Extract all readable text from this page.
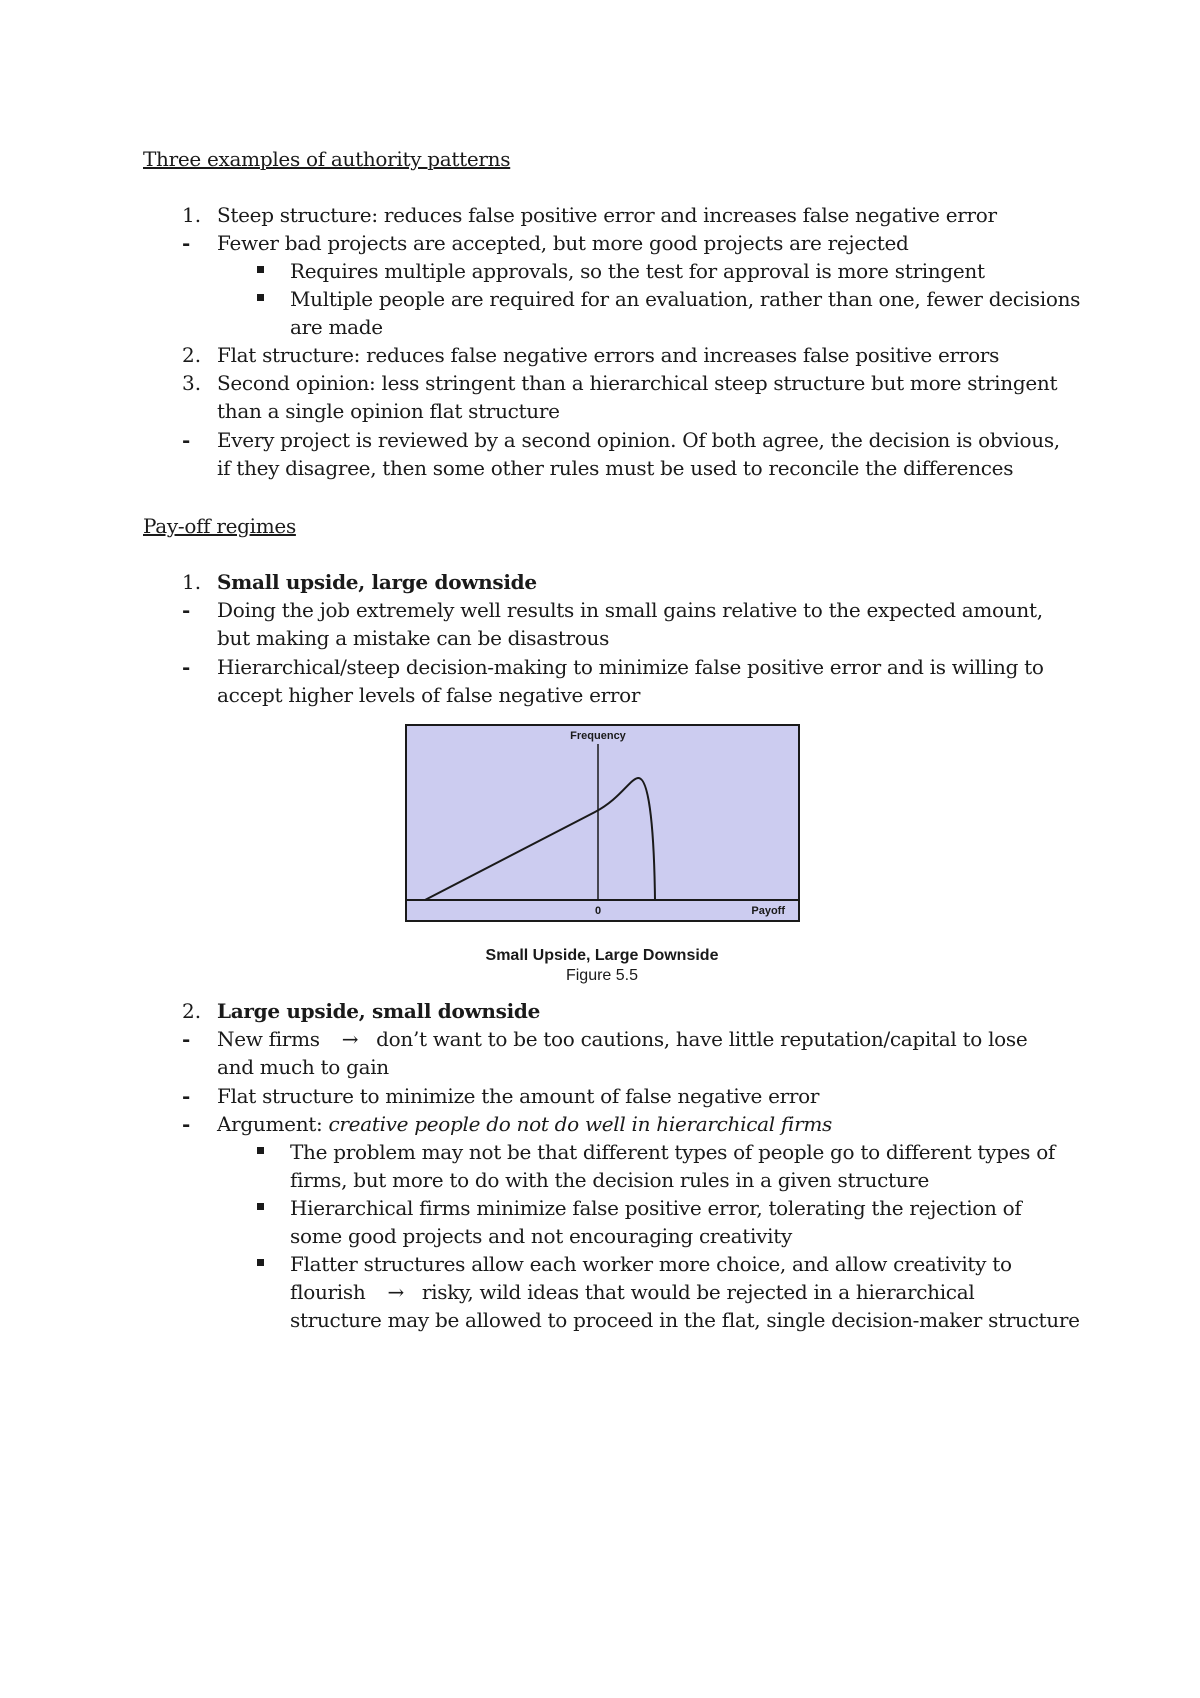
Three examples of authority patterns
1. Steep structure: reduces false positive error and increases false negative error
- Fewer bad projects are accepted, but more good projects are rejected
Requires multiple approvals, so the test for approval is more stringent
Multiple people are required for an evaluation, rather than one, fewer decisions
are made
2. Flat structure: reduces false negative errors and increases false positive errors
3. Second opinion: less stringent than a hierarchical steep structure but more stringent
than a single opinion flat structure
- Every project is reviewed by a second opinion. Of both agree, the decision is obvious,
if they disagree, then some other rules must be used to reconcile the differences
Pay-off regimes
1. Small upside, large downside
- Doing the job extremely well results in small gains relative to the expected amount,
but making a mistake can be disastrous
- Hierarchical/steep decision-making to minimize false positive error and is willing to
accept higher levels of false negative error
Frequency
0	Payoff
Small Upside, Large Downside
Figure 5.5
2. Large upside, small downside
- New firms → don’t want to be too cautions, have little reputation/capital to lose
and much to gain
- Flat structure to minimize the amount of false negative error
- Argument: creative people do not do well in hierarchical firms
The problem may not be that different types of people go to different types of
firms, but more to do with the decision rules in a given structure
Hierarchical firms minimize false positive error, tolerating the rejection of
some good projects and not encouraging creativity
Flatter structures allow each worker more choice, and allow creativity to
flourish → risky, wild ideas that would be rejected in a hierarchical
structure may be allowed to proceed in the flat, single decision-maker structure
